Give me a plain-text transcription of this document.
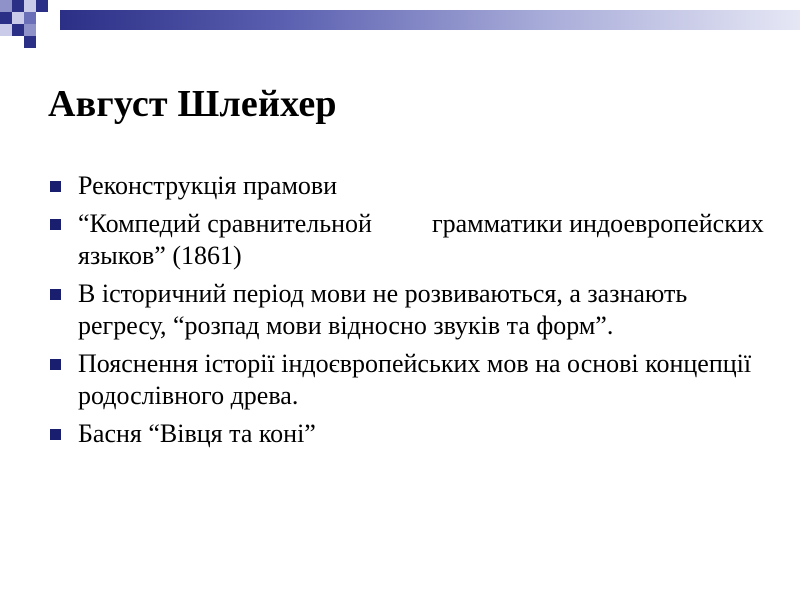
Август Шлейхер
Реконструкція прамови
“Компедий сравнительной грамматики индоевропейских языков” (1861)
В історичний період мови не розвиваються, а зазнають регресу, “розпад мови відносно звуків та форм”.
Пояснення історії індоєвропейських мов на основі концепції родослівного древа.
Басня “Вівця та коні”
